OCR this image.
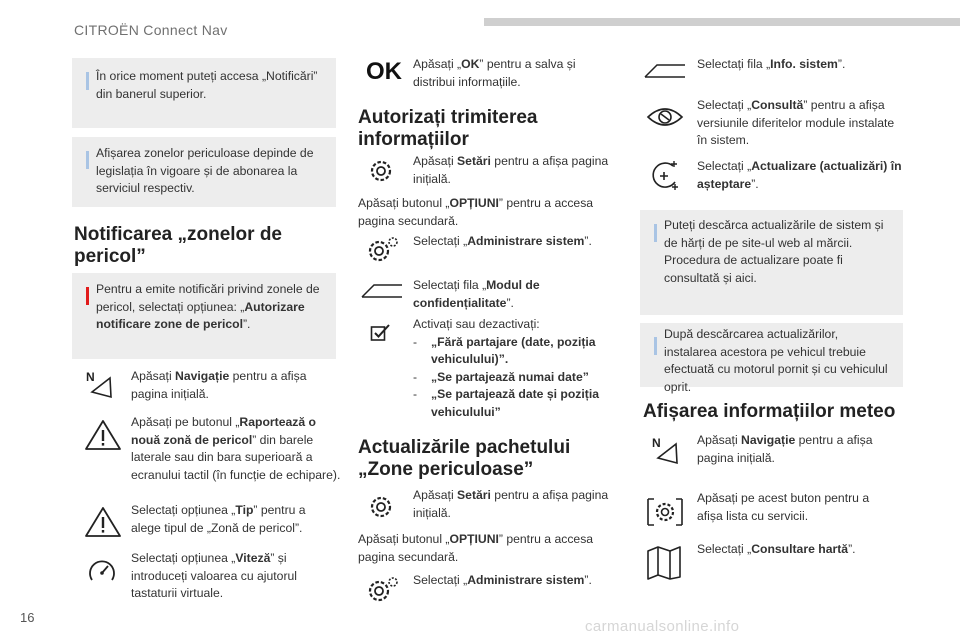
CITROËN Connect Nav
16
carmanualsonline.info
În orice moment puteți accesa „Notificări” din banerul superior.
Afișarea zonelor periculoase depinde de legislația în vigoare și de abonarea la serviciul respectiv.
Notificarea „zonelor de
pericol”
Pentru a emite notificări privind zonele de pericol, selectați opțiunea: „Autorizare notificare zone de pericol”.
N	Apăsați Navigație pentru a afișa pagina inițială.
Apăsați pe butonul „Raportează o nouă zonă de pericol” din barele laterale sau din bara superioară a ecranului tactil (în funcție de echipare).
Selectați opțiunea „Tip” pentru a alege tipul de „Zonă de pericol”.
Selectați opțiunea „Viteză” și introduceți valoarea cu ajutorul tastaturii virtuale.
OK Apăsați „OK” pentru a salva și distribui informațiile.
Autorizați trimiterea
informațiilor
Apăsați Setări pentru a afișa pagina inițială.
Apăsați butonul „OPȚIUNI” pentru a accesa pagina secundară.
Selectați „Administrare sistem”.
Selectați fila „Modul de confidențialitate”.
Activați sau dezactivați:
- „Fără partajare (date, poziția vehiculului)”.
- „Se partajează numai date”
- „Se partajează date și poziția vehiculului”
Actualizările pachetului
„Zone periculoase”
Apăsați Setări pentru a afișa pagina inițială.
Apăsați butonul „OPȚIUNI” pentru a accesa pagina secundară.
Selectați „Administrare sistem”.
Selectați fila „Info. sistem”.
Selectați „Consultă” pentru a afișa versiunile diferitelor module instalate în sistem.
Selectați „Actualizare (actualizări) în așteptare”.
Puteți descărca actualizările de sistem și de hărți de pe site-ul web al mărcii. Procedura de actualizare poate fi consultată și aici.
După descărcarea actualizărilor, instalarea acestora pe vehicul trebuie efectuată cu motorul pornit și cu vehiculul oprit.
Afișarea informațiilor meteo
N	Apăsați Navigație pentru a afișa pagina inițială.
Apăsați pe acest buton pentru a afișa lista cu servicii.
Selectați „Consultare hartă”.
